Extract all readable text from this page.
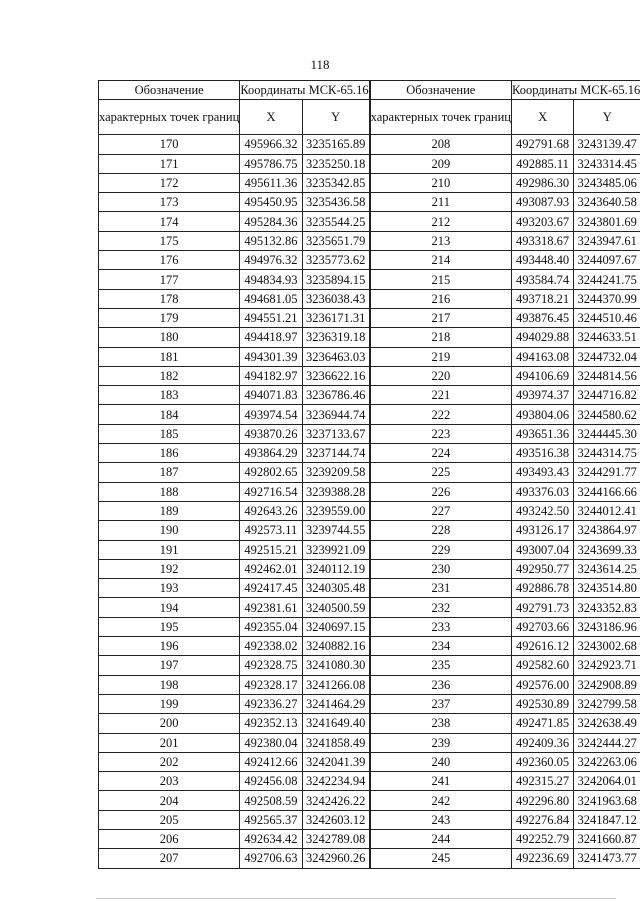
118
Обозначение	Координаты МСК-65.16		Обозначение	Координаты МСК-65.16	
характерных точек границ	X	Y	характерных точек границ	X	Y
170	495966.32	3235165.89	208	492791.68	3243139.47
171	495786.75	3235250.18	209	492885.11	3243314.45
172	495611.36	3235342.85	210	492986.30	3243485.06
173	495450.95	3235436.58	211	493087.93	3243640.58
174	495284.36	3235544.25	212	493203.67	3243801.69
175	495132.86	3235651.79	213	493318.67	3243947.61
176	494976.32	3235773.62	214	493448.40	3244097.67
177	494834.93	3235894.15	215	493584.74	3244241.75
178	494681.05	3236038.43	216	493718.21	3244370.99
179	494551.21	3236171.31	217	493876.45	3244510.46
180	494418.97	3236319.18	218	494029.88	3244633.51
181	494301.39	3236463.03	219	494163.08	3244732.04
182	494182.97	3236622.16	220	494106.69	3244814.56
183	494071.83	3236786.46	221	493974.37	3244716.82
184	493974.54	3236944.74	222	493804.06	3244580.62
185	493870.26	3237133.67	223	493651.36	3244445.30
186	493864.29	3237144.74	224	493516.38	3244314.75
187	492802.65	3239209.58	225	493493.43	3244291.77
188	492716.54	3239388.28	226	493376.03	3244166.66
189	492643.26	3239559.00	227	493242.50	3244012.41
190	492573.11	3239744.55	228	493126.17	3243864.97
191	492515.21	3239921.09	229	493007.04	3243699.33
192	492462.01	3240112.19	230	492950.77	3243614.25
193	492417.45	3240305.48	231	492886.78	3243514.80
194	492381.61	3240500.59	232	492791.73	3243352.83
195	492355.04	3240697.15	233	492703.66	3243186.96
196	492338.02	3240882.16	234	492616.12	3243002.68
197	492328.75	3241080.30	235	492582.60	3242923.71
198	492328.17	3241266.08	236	492576.00	3242908.89
199	492336.27	3241464.29	237	492530.89	3242799.58
200	492352.13	3241649.40	238	492471.85	3242638.49
201	492380.04	3241858.49	239	492409.36	3242444.27
202	492412.66	3242041.39	240	492360.05	3242263.06
203	492456.08	3242234.94	241	492315.27	3242064.01
204	492508.59	3242426.22	242	492296.80	3241963.68
205	492565.37	3242603.12	243	492276.84	3241847.12
206	492634.42	3242789.08	244	492252.79	3241660.87
207	492706.63	3242960.26	245	492236.69	3241473.77
